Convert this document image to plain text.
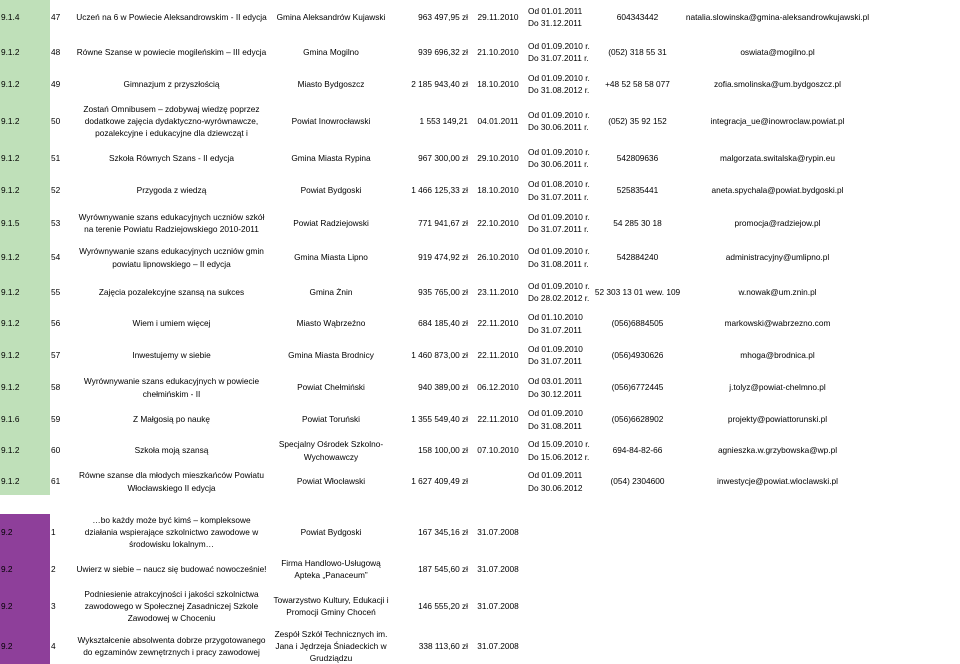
9.1.4	47	Uczeń na 6 w Powiecie Aleksandrowskim - II edycja	Gmina Aleksandrów Kujawski	963 497,95 zł	29.11.2010	Od 01.01.2011
Do 31.12.2011	604343442	natalia.slowinska@gmina-aleksandrowkujawski.pl

9.1.2	48	Równe Szanse w powiecie mogileńskim – III edycja	Gmina Mogilno	939 696,32 zł	21.10.2010	Od 01.09.2010 r.
Do 31.07.2011 r.	(052) 318 55 31	oswiata@mogilno.pl

9.1.2	49	Gimnazjum z przyszłością	Miasto Bydgoszcz	2 185 943,40 zł	18.10.2010	Od 01.09.2010 r.
Do 31.08.2012 r.	+48 52 58 58 077	zofia.smolinska@um.bydgoszcz.pl

9.1.2	50	Zostań Omnibusem – zdobywaj wiedzę poprzez dodatkowe zajęcia dydaktyczno-wyrównawcze, pozalekcyjne i edukacyjne dla dziewcząt i	Powiat Inowrocławski	1 553 149,21	04.01.2011	Od 01.09.2010 r.
Do 30.06.2011 r.	(052) 35 92 152	integracja_ue@inowroclaw.powiat.pl

9.1.2	51	Szkoła Równych Szans - II edycja	Gmina Miasta Rypina	967 300,00 zł	29.10.2010	Od 01.09.2010 r.
Do 30.06.2011 r.	542809636	malgorzata.switalska@rypin.eu

9.1.2	52	Przygoda z wiedzą	Powiat Bydgoski	1 466 125,33 zł	18.10.2010	Od 01.08.2010 r.
Do 31.07.2011 r.	525835441	aneta.spychala@powiat.bydgoski.pl

9.1.5	53	Wyrównywanie szans edukacyjnych uczniów szkół na terenie Powiatu Radziejowskiego 2010-2011	Powiat Radziejowski	771 941,67 zł	22.10.2010	Od 01.09.2010 r.
Do 31.07.2011 r.	54 285 30 18	promocja@radziejow.pl

9.1.2	54	Wyrównywanie szans edukacyjnych uczniów gmin powiatu lipnowskiego – II edycja	Gmina Miasta Lipno	919 474,92 zł	26.10.2010	Od 01.09.2010 r.
Do 31.08.2011 r.	542884240	administracyjny@umlipno.pl

9.1.2	55	Zajęcia pozalekcyjne szansą na sukces	Gmina Żnin	935 765,00 zł	23.11.2010	Od 01.09.2010 r.
Do 28.02.2012 r.	52 303 13 01 wew. 109	w.nowak@um.znin.pl

9.1.2	56	Wiem i umiem więcej	Miasto Wąbrzeźno	684 185,40 zł	22.11.2010	Od 01.10.2010
Do 31.07.2011	(056)6884505	markowski@wabrzezno.com

9.1.2	57	Inwestujemy w siebie	Gmina Miasta Brodnicy	1 460 873,00 zł	22.11.2010	Od 01.09.2010
Do 31.07.2011	(056)4930626	mhoga@brodnica.pl

9.1.2	58	Wyrównywanie szans edukacyjnych w powiecie chełmińskim - II	Powiat Chełmiński	940 389,00 zł	06.12.2010	Od 03.01.2011
Do 30.12.2011	(056)6772445	j.tolyz@powiat-chelmno.pl

9.1.6	59	Z Małgosią po naukę	Powiat Toruński	1 355 549,40 zł	22.11.2010	Od 01.09.2010
Do 31.08.2011	(056)6628902	projekty@powiattorunski.pl

9.1.2	60	Szkoła moją szansą	Specjalny Ośrodek Szkolno-Wychowawczy	158 100,00 zł	07.10.2010	Od 15.09.2010 r.
Do 15.06.2012 r.	694-84-82-66	agnieszka.w.grzybowska@wp.pl

9.1.2	61	Równe szanse dla młodych mieszkańców Powiatu Włocławskiego II edycja	Powiat Włocławski	1 627 409,49 zł		Od 01.09.2011
Do 30.06.2012	(054) 2304600	inwestycje@powiat.wloclawski.pl

9.2	1	…bo każdy może być kimś – kompleksowe działania wspierające szkolnictwo zawodowe w środowisku lokalnym…	Powiat Bydgoski	167 345,16 zł	31.07.2008	

9.2	2	Uwierz w siebie – naucz się budować nowocześnie!	Firma Handlowo-Usługową Apteka „Panaceum”	187 545,60 zł	31.07.2008	

9.2	3	Podniesienie atrakcyjności i jakości szkolnictwa zawodowego w Społecznej Zasadniczej Szkole Zawodowej w Choceniu	Towarzystwo Kultury, Edukacji i Promocji Gminy Choceń	146 555,20 zł	31.07.2008	

9.2	4	Wykształcenie absolwenta dobrze przygotowanego do egzaminów zewnętrznych i pracy zawodowej	Zespół Szkół Technicznych im. Jana i Jędrzeja Śniadeckich w Grudziądzu	338 113,60 zł	31.07.2008	
